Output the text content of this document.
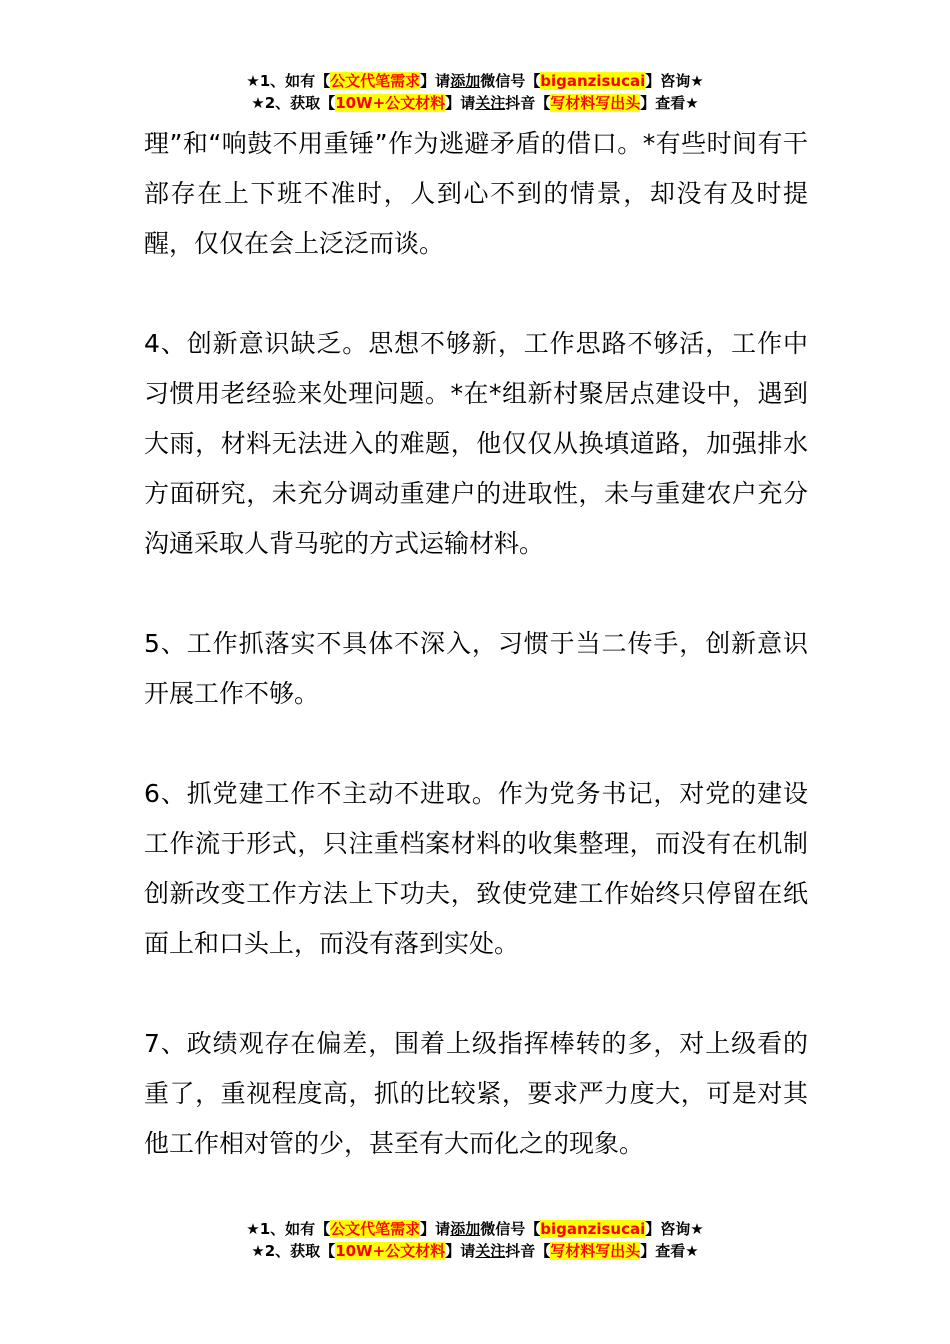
★1、如有【公文代笔需求】请添加微信号【biganzisucai】咨询★
★2、获取【10W+公文材料】请关注抖音【写材料写出头】查看★

理”和“响鼓不用重锤”作为逃避矛盾的借口。*有些时间有干部存在上下班不准时，人到心不到的情景，却没有及时提醒，仅仅在会上泛泛而谈。

4、创新意识缺乏。思想不够新，工作思路不够活，工作中习惯用老经验来处理问题。*在*组新村聚居点建设中，遇到大雨，材料无法进入的难题，他仅仅从换填道路，加强排水方面研究，未充分调动重建户的进取性，未与重建农户充分沟通采取人背马驼的方式运输材料。

5、工作抓落实不具体不深入，习惯于当二传手，创新意识开展工作不够。

6、抓党建工作不主动不进取。作为党务书记，对党的建设工作流于形式，只注重档案材料的收集整理，而没有在机制创新改变工作方法上下功夫，致使党建工作始终只停留在纸面上和口头上，而没有落到实处。

7、政绩观存在偏差，围着上级指挥棒转的多，对上级看的重了，重视程度高，抓的比较紧，要求严力度大，可是对其他工作相对管的少，甚至有大而化之的现象。

★1、如有【公文代笔需求】请添加微信号【biganzisucai】咨询★
★2、获取【10W+公文材料】请关注抖音【写材料写出头】查看★
